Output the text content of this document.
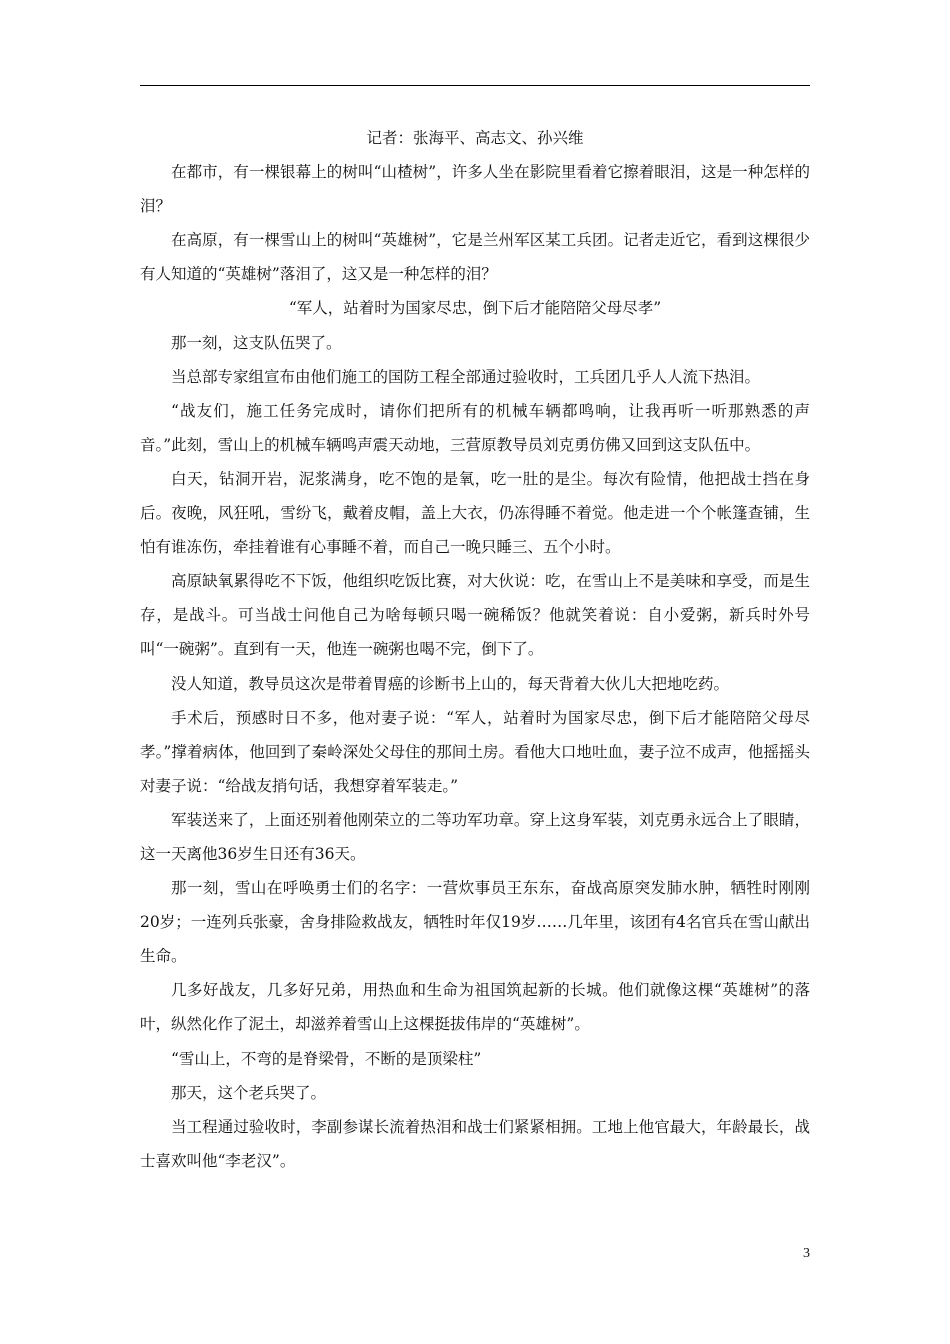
记者：张海平、高志文、孙兴维

在都市，有一棵银幕上的树叫“山楂树”，许多人坐在影院里看着它擦着眼泪，这是一种怎样的泪？

在高原，有一棵雪山上的树叫“英雄树”，它是兰州军区某工兵团。记者走近它，看到这棵很少有人知道的“英雄树”落泪了，这又是一种怎样的泪？

“军人，站着时为国家尽忠，倒下后才能陪陪父母尽孝”

那一刻，这支队伍哭了。

当总部专家组宣布由他们施工的国防工程全部通过验收时，工兵团几乎人人流下热泪。

“战友们，施工任务完成时，请你们把所有的机械车辆都鸣响，让我再听一听那熟悉的声音。”此刻，雪山上的机械车辆鸣声震天动地，三营原教导员刘克勇仿佛又回到这支队伍中。

白天，钻洞开岩，泥浆满身，吃不饱的是氧，吃一肚的是尘。每次有险情，他把战士挡在身后。夜晚，风狂吼，雪纷飞，戴着皮帽，盖上大衣，仍冻得睡不着觉。他走进一个个帐篷查铺，生怕有谁冻伤，牵挂着谁有心事睡不着，而自己一晚只睡三、五个小时。

高原缺氧累得吃不下饭，他组织吃饭比赛，对大伙说：吃，在雪山上不是美味和享受，而是生存，是战斗。可当战士问他自己为啥每顿只喝一碗稀饭？他就笑着说：自小爱粥，新兵时外号叫“一碗粥”。直到有一天，他连一碗粥也喝不完，倒下了。

没人知道，教导员这次是带着胃癌的诊断书上山的，每天背着大伙儿大把地吃药。

手术后，预感时日不多，他对妻子说：“军人，站着时为国家尽忠，倒下后才能陪陪父母尽孝。”撑着病体，他回到了秦岭深处父母住的那间土房。看他大口地吐血，妻子泣不成声，他摇摇头对妻子说：“给战友捎句话，我想穿着军装走。”

军装送来了，上面还别着他刚荣立的二等功军功章。穿上这身军装，刘克勇永远合上了眼睛，这一天离他36岁生日还有36天。

那一刻，雪山在呼唤勇士们的名字：一营炊事员王东东，奋战高原突发肺水肿，牺牲时刚刚20岁；一连列兵张豪，舍身排险救战友，牺牲时年仅19岁……几年里，该团有4名官兵在雪山献出生命。

几多好战友，几多好兄弟，用热血和生命为祖国筑起新的长城。他们就像这棵“英雄树”的落叶，纵然化作了泥土，却滋养着雪山上这棵挺拔伟岸的“英雄树”。

“雪山上，不弯的是脊梁骨，不断的是顶梁柱”

那天，这个老兵哭了。

当工程通过验收时，李副参谋长流着热泪和战士们紧紧相拥。工地上他官最大，年龄最长，战士喜欢叫他“李老汉”。

3
